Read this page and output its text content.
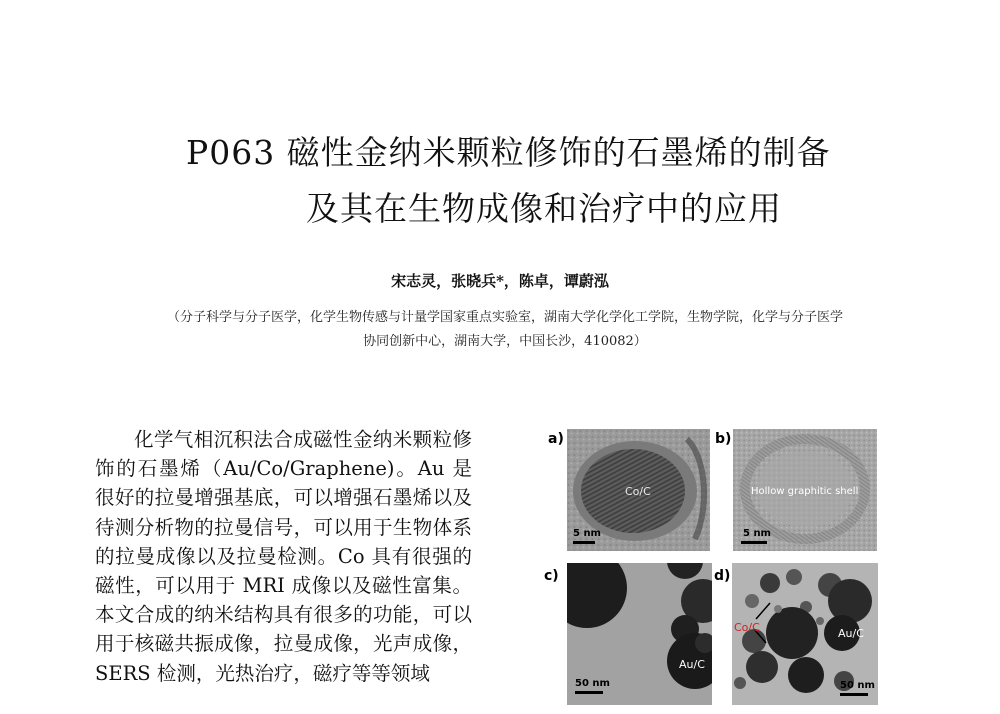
P063 磁性金纳米颗粒修饰的石墨烯的制备
及其在生物成像和治疗中的应用
宋志灵，张晓兵*，陈卓，谭蔚泓
（分子科学与分子医学，化学生物传感与计量学国家重点实验室，湖南大学化学化工学院，生物学院，化学与分子医学
协同创新中心，湖南大学，中国长沙，410082）
化学气相沉积法合成磁性金纳米颗粒修饰的石墨烯（Au/Co/Graphene)。Au 是很好的拉曼增强基底，可以增强石墨烯以及待测分析物的拉曼信号，可以用于生物体系的拉曼成像以及拉曼检测。Co 具有很强的磁性，可以用于 MRI 成像以及磁性富集。本文合成的纳米结构具有很多的功能，可以用于核磁共振成像，拉曼成像，光声成像，SERS 检测，光热治疗，磁疗等等领域
a)	b)
c)	d)
Co/C
5 nm
Hollow graphitic shell
5 nm
Au/C
50 nm
Co/C	Au/C
50 nm
